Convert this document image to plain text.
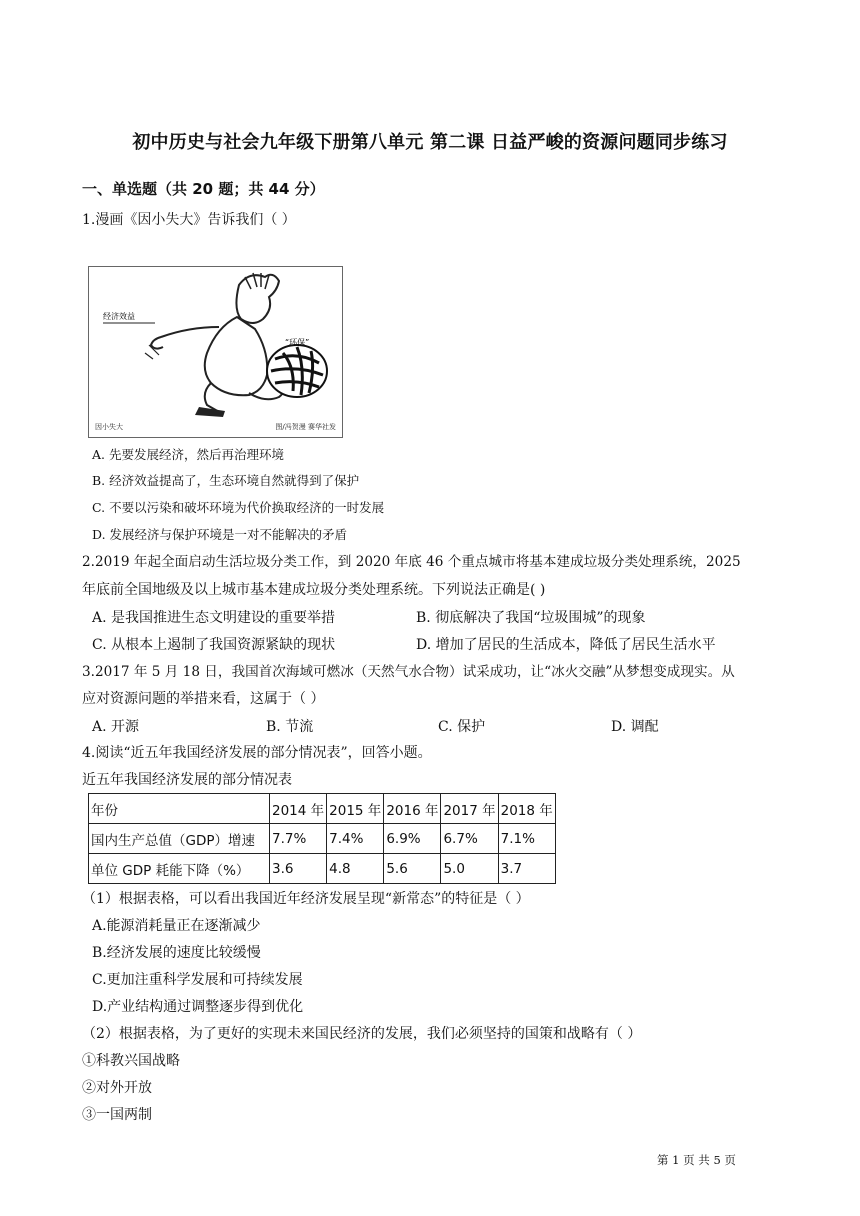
初中历史与社会九年级下册第八单元 第二课 日益严峻的资源问题同步练习
一、单选题（共 20 题；共 44 分）
1.漫画《因小失大》告诉我们（ ）
经济效益
“环保”
因小失大	图/冯贺漫 赛华社发
A. 先要发展经济，然后再治理环境
B. 经济效益提高了，生态环境自然就得到了保护
C. 不要以污染和破坏环境为代价换取经济的一时发展
D. 发展经济与保护环境是一对不能解决的矛盾
2.2019 年起全面启动生活垃圾分类工作，到 2020 年底 46 个重点城市将基本建成垃圾分类处理系统，2025
年底前全国地级及以上城市基本建成垃圾分类处理系统。下列说法正确是( )
A. 是我国推进生态文明建设的重要举措	B. 彻底解决了我国“垃圾围城”的现象
C. 从根本上遏制了我国资源紧缺的现状	D. 增加了居民的生活成本，降低了居民生活水平
3.2017 年 5 月 18 日，我国首次海域可燃冰（天然气水合物）试采成功，让“冰火交融”从梦想变成现实。从
应对资源问题的举措来看，这属于（ ）
A. 开源	B. 节流	C. 保护	D. 调配
4.阅读“近五年我国经济发展的部分情况表”，回答小题。
近五年我国经济发展的部分情况表
年份	2014 年	2015 年	2016 年	2017 年	2018 年
国内生产总值（GDP）增速	7.7%	7.4%	6.9%	6.7%	7.1%
单位 GDP 耗能下降（%）	3.6	4.8	5.6	5.0	3.7
（1）根据表格，可以看出我国近年经济发展呈现“新常态”的特征是（ ）
A.能源消耗量正在逐渐减少
B.经济发展的速度比较缓慢
C.更加注重科学发展和可持续发展
D.产业结构通过调整逐步得到优化
（2）根据表格，为了更好的实现未来国民经济的发展，我们必须坚持的国策和战略有（ ）
①科教兴国战略
②对外开放
③一国两制
第 1 页 共 5 页
